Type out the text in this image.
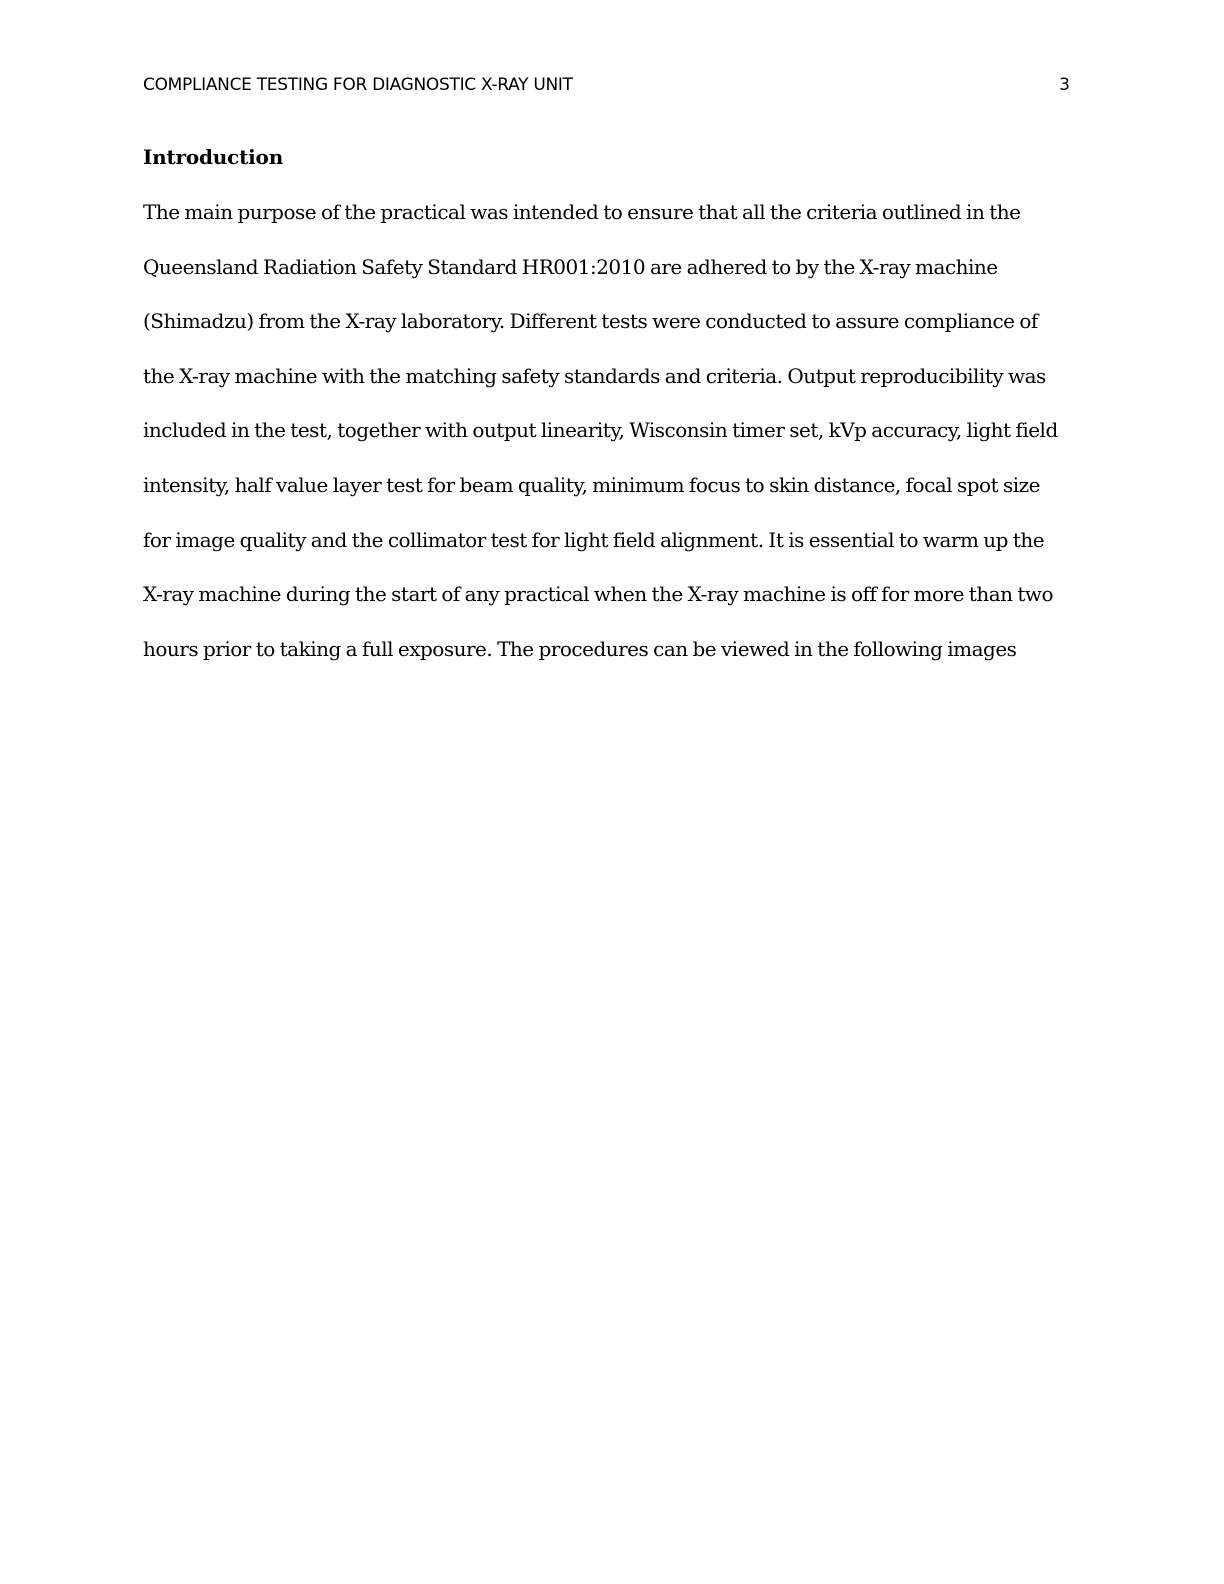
COMPLIANCE TESTING FOR DIAGNOSTIC X-RAY UNIT	3
Introduction
The main purpose of the practical was intended to ensure that all the criteria outlined in the
Queensland Radiation Safety Standard HR001:2010 are adhered to by the X-ray machine
(Shimadzu) from the X-ray laboratory. Different tests were conducted to assure compliance of
the X-ray machine with the matching safety standards and criteria. Output reproducibility was
included in the test, together with output linearity, Wisconsin timer set, kVp accuracy, light field
intensity, half value layer test for beam quality, minimum focus to skin distance, focal spot size
for image quality and the collimator test for light field alignment. It is essential to warm up the
X-ray machine during the start of any practical when the X-ray machine is off for more than two
hours prior to taking a full exposure. The procedures can be viewed in the following images
